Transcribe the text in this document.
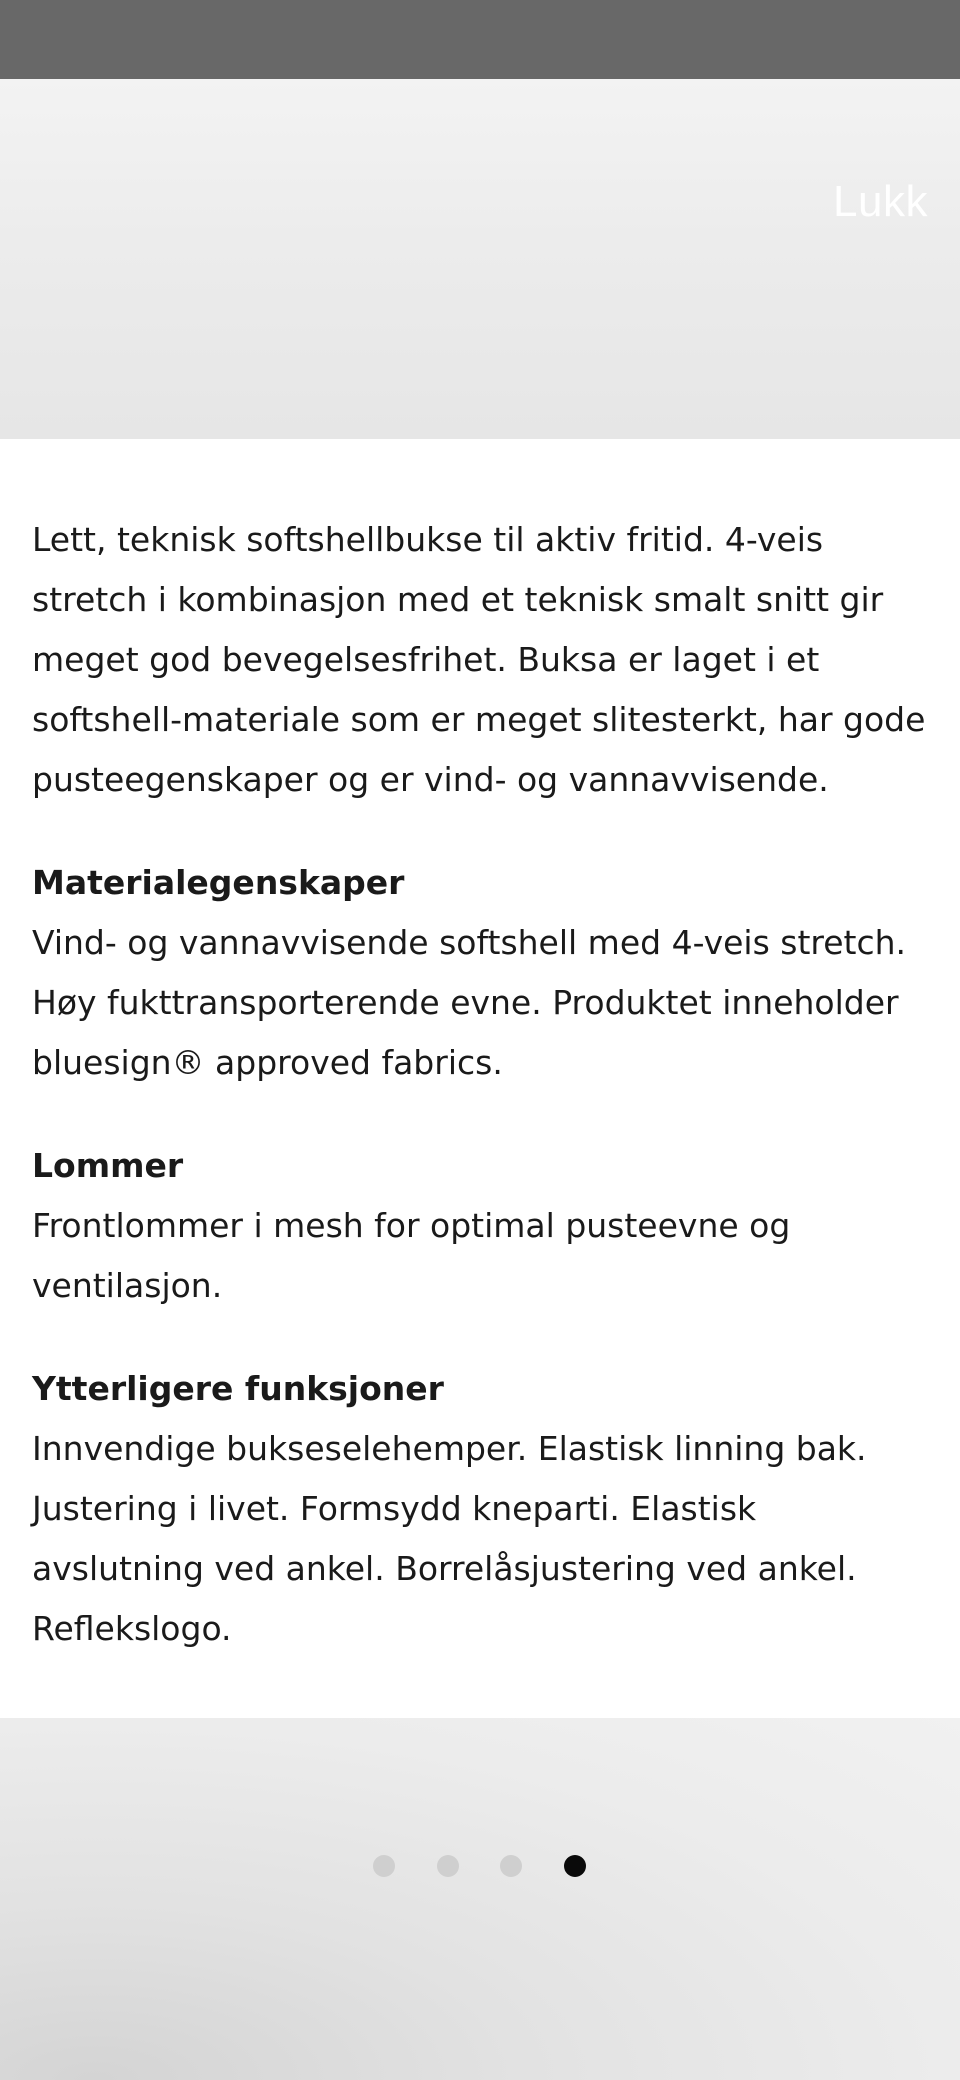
Lukk

Lett, teknisk softshellbukse til aktiv fritid. 4-veis stretch i kombinasjon med et teknisk smalt snitt gir meget god bevegelsesfrihet. Buksa er laget i et softshell-materiale som er meget slitesterkt, har gode pusteegenskaper og er vind- og vannavvisende.

Materialegenskaper
Vind- og vannavvisende softshell med 4-veis stretch. Høy fukttransporterende evne. Produktet inneholder bluesign® approved fabrics.
Lommer
Frontlommer i mesh for optimal pusteevne og ventilasjon.
Ytterligere funksjoner
Innvendige bukseselehemper. Elastisk linning bak. Justering i livet. Formsydd kneparti. Elastisk avslutning ved ankel. Borrelåsjustering ved ankel. Reflekslogo.
